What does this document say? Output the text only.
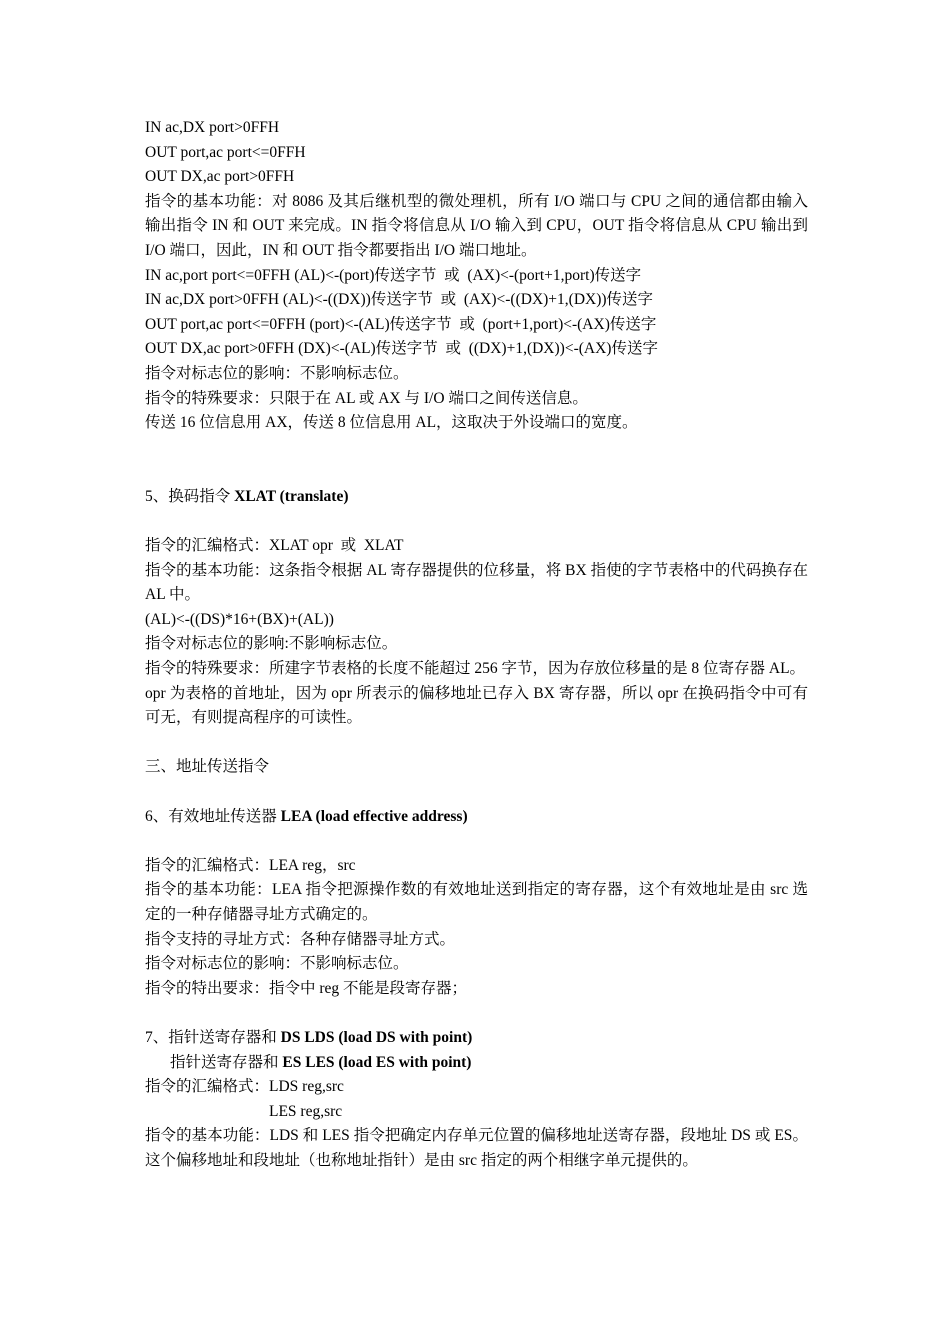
IN ac,DX port>0FFH
OUT port,ac port<=0FFH
OUT DX,ac port>0FFH
指令的基本功能：对 8086 及其后继机型的微处理机，所有 I/O 端口与 CPU 之间的通信都由输入输出指令 IN 和 OUT 来完成。IN 指令将信息从 I/O 输入到 CPU，OUT 指令将信息从 CPU 输出到 I/O 端口，因此，IN 和 OUT 指令都要指出 I/O 端口地址。
IN ac,port port<=0FFH (AL)<-(port)传送字节  或  (AX)<-(port+1,port)传送字
IN ac,DX port>0FFH (AL)<-((DX))传送字节  或  (AX)<-((DX)+1,(DX))传送字
OUT port,ac port<=0FFH (port)<-(AL)传送字节  或  (port+1,port)<-(AX)传送字
OUT DX,ac port>0FFH (DX)<-(AL)传送字节  或  ((DX)+1,(DX))<-(AX)传送字
指令对标志位的影响：不影响标志位。
指令的特殊要求：只限于在 AL 或 AX 与 I/O 端口之间传送信息。
传送 16 位信息用 AX，传送 8 位信息用 AL，这取决于外设端口的宽度。
5、换码指令 XLAT (translate)
指令的汇编格式：XLAT opr  或  XLAT
指令的基本功能：这条指令根据 AL 寄存器提供的位移量，将 BX 指使的字节表格中的代码换存在 AL 中。
(AL)<-((DS)*16+(BX)+(AL))
指令对标志位的影响:不影响标志位。
指令的特殊要求：所建字节表格的长度不能超过 256 字节，因为存放位移量的是 8 位寄存器 AL。
opr 为表格的首地址，因为 opr 所表示的偏移地址已存入 BX 寄存器，所以 opr 在换码指令中可有可无，有则提高程序的可读性。
三、地址传送指令
6、有效地址传送器 LEA (load effective address)
指令的汇编格式：LEA reg，src
指令的基本功能：LEA 指令把源操作数的有效地址送到指定的寄存器，这个有效地址是由 src 选定的一种存储器寻址方式确定的。
指令支持的寻址方式：各种存储器寻址方式。
指令对标志位的影响：不影响标志位。
指令的特出要求：指令中 reg 不能是段寄存器；
7、指针送寄存器和 DS LDS (load DS with point)
指针送寄存器和 ES LES (load ES with point)
指令的汇编格式：LDS reg,src
LES reg,src
指令的基本功能：LDS 和 LES 指令把确定内存单元位置的偏移地址送寄存器，段地址 DS 或 ES。这个偏移地址和段地址（也称地址指针）是由 src 指定的两个相继字单元提供的。
